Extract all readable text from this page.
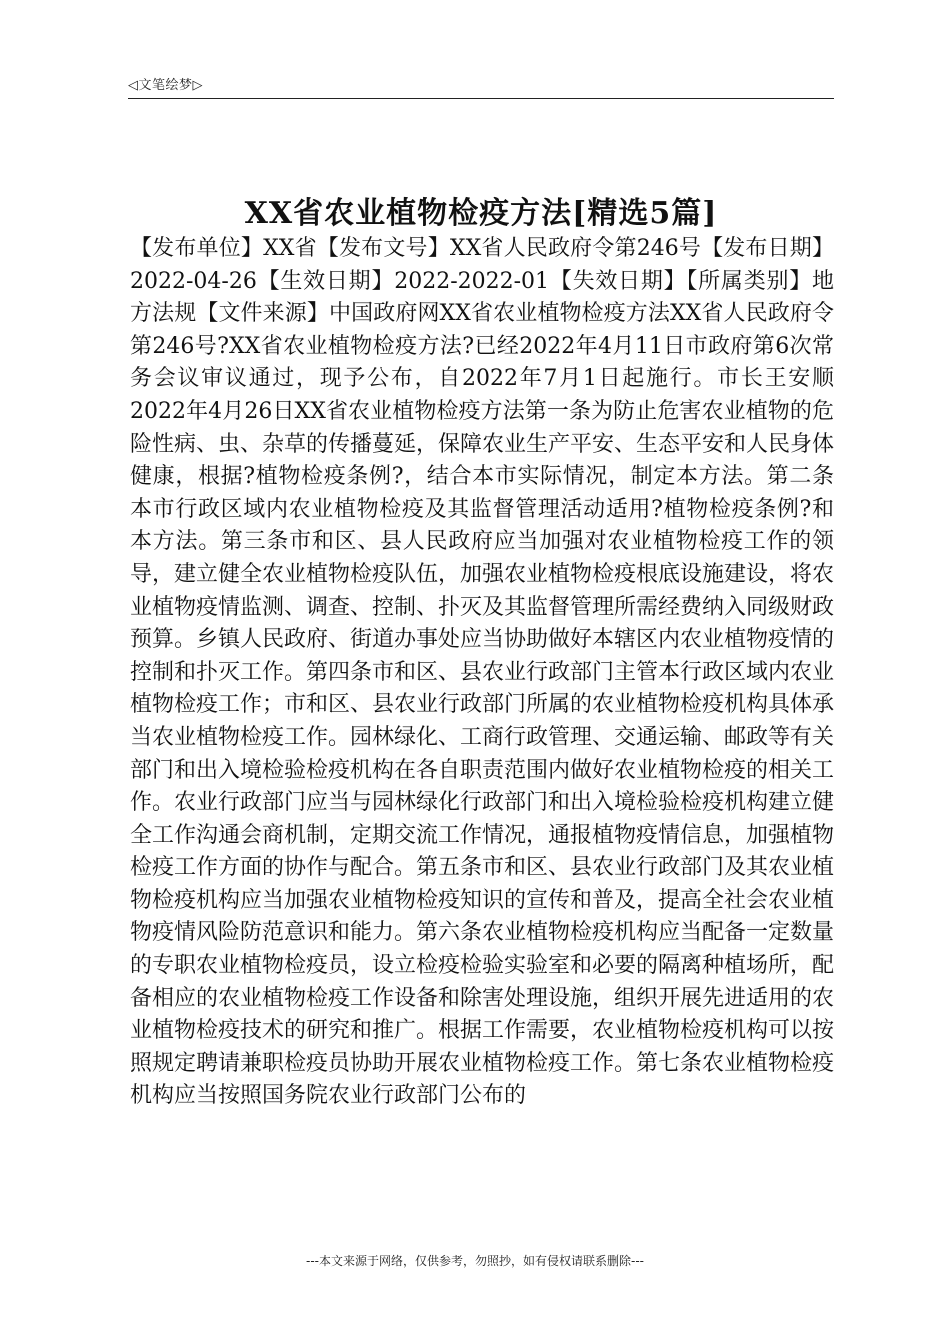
◁文笔绘梦▷
XX省农业植物检疫方法[精选5篇]

【发布单位】XX省【发布文号】XX省人民政府令第246号【发布日期】2022-04-26【生效日期】2022-2022-01【失效日期】【所属类别】地方法规【文件来源】中国政府网XX省农业植物检疫方法XX省人民政府令第246号?XX省农业植物检疫方法?已经2022年4月11日市政府第6次常务会议审议通过，现予公布，自2022年7月1日起施行。市长王安顺2022年4月26日XX省农业植物检疫方法第一条为防止危害农业植物的危险性病、虫、杂草的传播蔓延，保障农业生产平安、生态平安和人民身体健康，根据?植物检疫条例?，结合本市实际情况，制定本方法。第二条本市行政区域内农业植物检疫及其监督管理活动适用?植物检疫条例?和本方法。第三条市和区、县人民政府应当加强对农业植物检疫工作的领导，建立健全农业植物检疫队伍，加强农业植物检疫根底设施建设，将农业植物疫情监测、调查、控制、扑灭及其监督管理所需经费纳入同级财政预算。乡镇人民政府、街道办事处应当协助做好本辖区内农业植物疫情的控制和扑灭工作。第四条市和区、县农业行政部门主管本行政区域内农业植物检疫工作；市和区、县农业行政部门所属的农业植物检疫机构具体承当农业植物检疫工作。园林绿化、工商行政管理、交通运输、邮政等有关部门和出入境检验检疫机构在各自职责范围内做好农业植物检疫的相关工作。农业行政部门应当与园林绿化行政部门和出入境检验检疫机构建立健全工作沟通会商机制，定期交流工作情况，通报植物疫情信息，加强植物检疫工作方面的协作与配合。第五条市和区、县农业行政部门及其农业植物检疫机构应当加强农业植物检疫知识的宣传和普及，提高全社会农业植物疫情风险防范意识和能力。第六条农业植物检疫机构应当配备一定数量的专职农业植物检疫员，设立检疫检验实验室和必要的隔离种植场所，配备相应的农业植物检疫工作设备和除害处理设施，组织开展先进适用的农业植物检疫技术的研究和推广。根据工作需要，农业植物检疫机构可以按照规定聘请兼职检疫员协助开展农业植物检疫工作。第七条农业植物检疫机构应当按照国务院农业行政部门公布的

---本文来源于网络，仅供参考，勿照抄，如有侵权请联系删除---
